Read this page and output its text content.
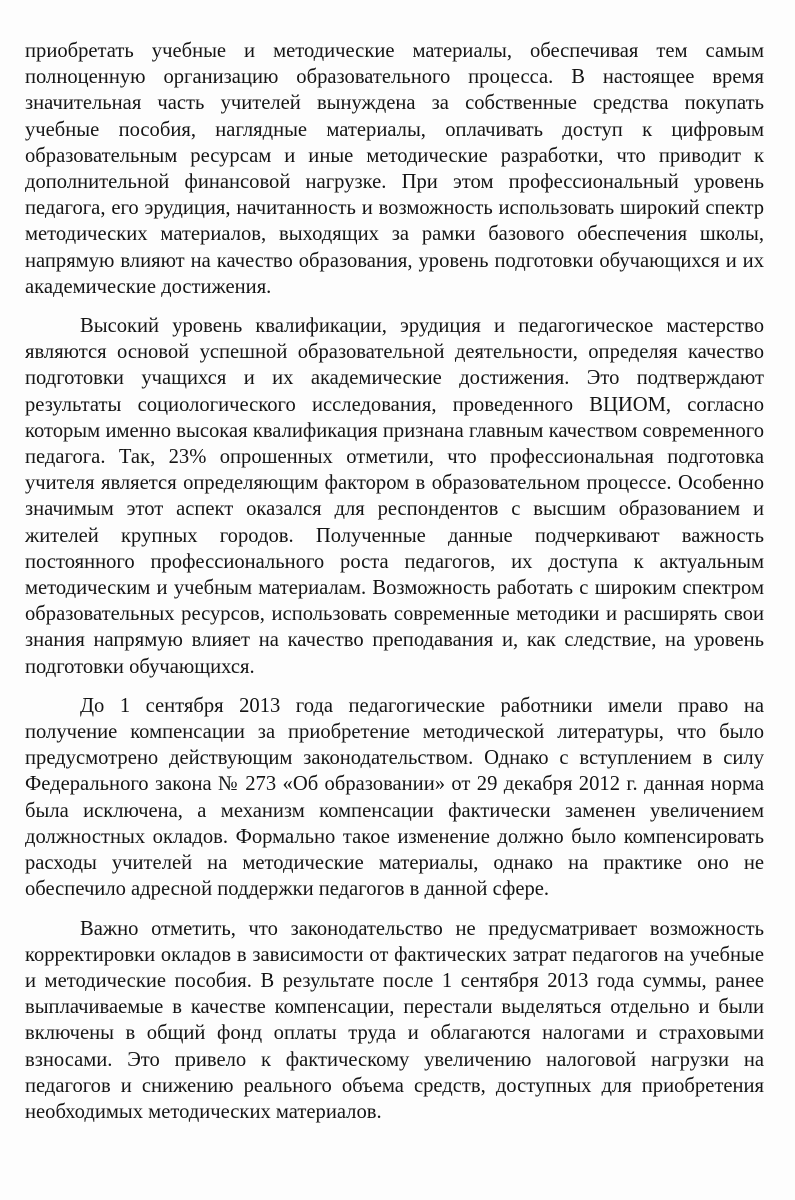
приобретать учебные и методические материалы, обеспечивая тем самым полноценную организацию образовательного процесса. В настоящее время значительная часть учителей вынуждена за собственные средства покупать учебные пособия, наглядные материалы, оплачивать доступ к цифровым образовательным ресурсам и иные методические разработки, что приводит к дополнительной финансовой нагрузке. При этом профессиональный уровень педагога, его эрудиция, начитанность и возможность использовать широкий спектр методических материалов, выходящих за рамки базового обеспечения школы, напрямую влияют на качество образования, уровень подготовки обучающихся и их академические достижения.

Высокий уровень квалификации, эрудиция и педагогическое мастерство являются основой успешной образовательной деятельности, определяя качество подготовки учащихся и их академические достижения. Это подтверждают результаты социологического исследования, проведенного ВЦИОМ, согласно которым именно высокая квалификация признана главным качеством современного педагога. Так, 23% опрошенных отметили, что профессиональная подготовка учителя является определяющим фактором в образовательном процессе. Особенно значимым этот аспект оказался для респондентов с высшим образованием и жителей крупных городов. Полученные данные подчеркивают важность постоянного профессионального роста педагогов, их доступа к актуальным методическим и учебным материалам. Возможность работать с широким спектром образовательных ресурсов, использовать современные методики и расширять свои знания напрямую влияет на качество преподавания и, как следствие, на уровень подготовки обучающихся.

До 1 сентября 2013 года педагогические работники имели право на получение компенсации за приобретение методической литературы, что было предусмотрено действующим законодательством. Однако с вступлением в силу Федерального закона № 273 «Об образовании» от 29 декабря 2012 г. данная норма была исключена, а механизм компенсации фактически заменен увеличением должностных окладов. Формально такое изменение должно было компенсировать расходы учителей на методические материалы, однако на практике оно не обеспечило адресной поддержки педагогов в данной сфере.

Важно отметить, что законодательство не предусматривает возможность корректировки окладов в зависимости от фактических затрат педагогов на учебные и методические пособия. В результате после 1 сентября 2013 года суммы, ранее выплачиваемые в качестве компенсации, перестали выделяться отдельно и были включены в общий фонд оплаты труда и облагаются налогами и страховыми взносами. Это привело к фактическому увеличению налоговой нагрузки на педагогов и снижению реального объема средств, доступных для приобретения необходимых методических материалов.
